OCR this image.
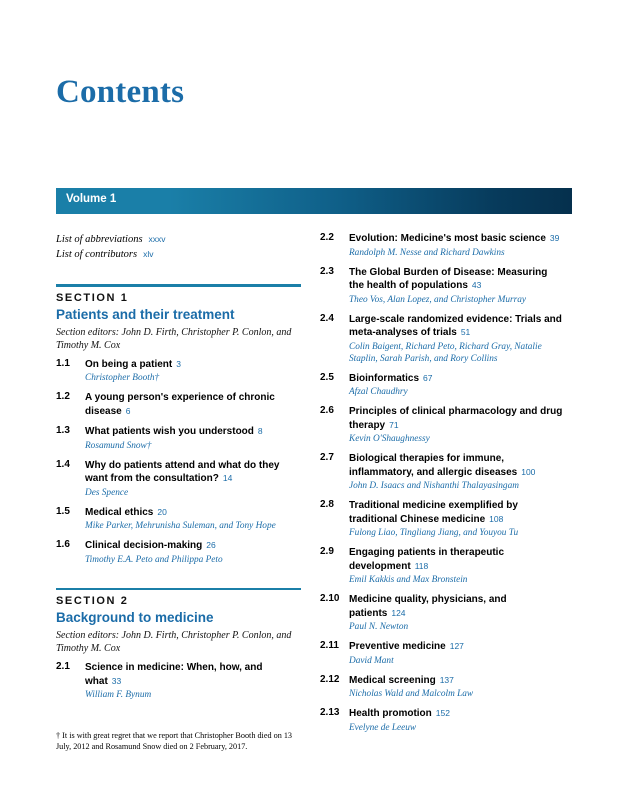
Contents
Volume 1
List of abbreviations xxxv
List of contributors xlv
SECTION 1
Patients and their treatment
Section editors: John D. Firth, Christopher P. Conlon, and Timothy M. Cox
1.1 On being a patient 3
Christopher Booth†
1.2 A young person's experience of chronic disease 6
1.3 What patients wish you understood 8
Rosamund Snow†
1.4 Why do patients attend and what do they want from the consultation? 14
Des Spence
1.5 Medical ethics 20
Mike Parker, Mehrunisha Suleman, and Tony Hope
1.6 Clinical decision-making 26
Timothy E.A. Peto and Philippa Peto
SECTION 2
Background to medicine
Section editors: John D. Firth, Christopher P. Conlon, and Timothy M. Cox
2.1 Science in medicine: When, how, and what 33
William F. Bynum
2.2 Evolution: Medicine's most basic science 39
Randolph M. Nesse and Richard Dawkins
2.3 The Global Burden of Disease: Measuring the health of populations 43
Theo Vos, Alan Lopez, and Christopher Murray
2.4 Large-scale randomized evidence: Trials and meta-analyses of trials 51
Colin Baigent, Richard Peto, Richard Gray, Natalie Staplin, Sarah Parish, and Rory Collins
2.5 Bioinformatics 67
Afzal Chaudhry
2.6 Principles of clinical pharmacology and drug therapy 71
Kevin O'Shaughnessy
2.7 Biological therapies for immune, inflammatory, and allergic diseases 100
John D. Isaacs and Nishanthi Thalayasingam
2.8 Traditional medicine exemplified by traditional Chinese medicine 108
Fulong Liao, Tingliang Jiang, and Youyou Tu
2.9 Engaging patients in therapeutic development 118
Emil Kakkis and Max Bronstein
2.10 Medicine quality, physicians, and patients 124
Paul N. Newton
2.11 Preventive medicine 127
David Mant
2.12 Medical screening 137
Nicholas Wald and Malcolm Law
2.13 Health promotion 152
Evelyne de Leeuw
† It is with great regret that we report that Christopher Booth died on 13 July, 2012 and Rosamund Snow died on 2 February, 2017.
